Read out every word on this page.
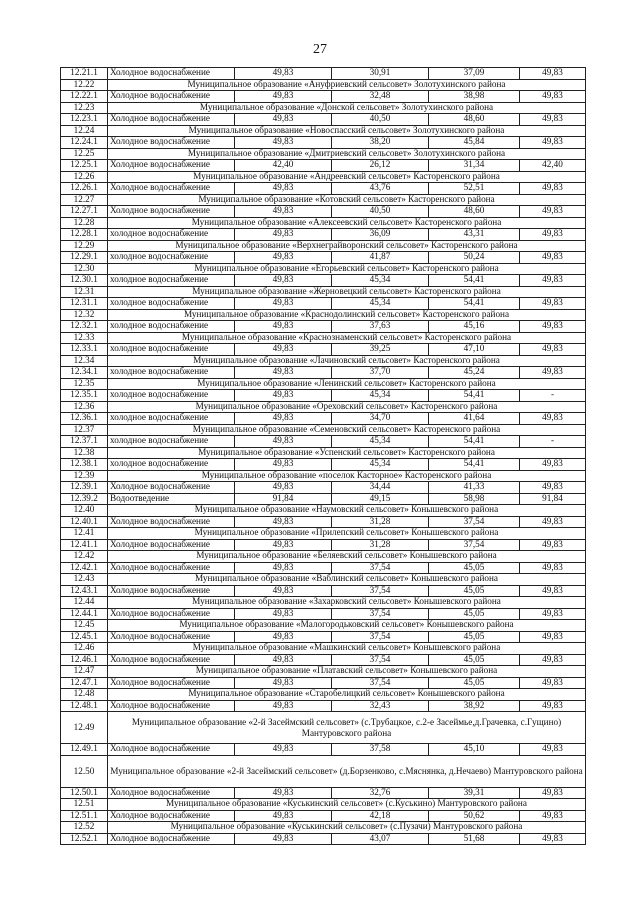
27
12.21.1	Холодное водоснабжение	49,83	30,91	37,09	49,83
12.22	Муниципальное образование «Ануфриевский сельсовет» Золотухинского района				
12.22.1	Холодное водоснабжение	49,83	32,48	38,98	49,83
12.23	Муниципальное образование «Донской сельсовет» Золотухинского района				
12.23.1	Холодное водоснабжение	49,83	40,50	48,60	49,83
12.24	Муниципальное образование «Новоспасский сельсовет» Золотухинского района				
12.24.1	Холодное водоснабжение	49,83	38,20	45,84	49,83
12.25	Муниципальное образование «Дмитриевский сельсовет» Золотухинского района				
12.25.1	Холодное водоснабжение	42,40	26,12	31,34	42,40
12.26	Муниципальное образование «Андреевский сельсовет» Касторенского района				
12.26.1	Холодное водоснабжение	49,83	43,76	52,51	49,83
12.27	Муниципальное образование «Котовский сельсовет» Касторенского района				
12.27.1	Холодное водоснабжение	49,83	40,50	48,60	49,83
12.28	Муниципальное образование «Алексеевский сельсовет» Касторенского района				
12.28.1	холодное водоснабжение	49,83	36,09	43,31	49,83
12.29	Муниципальное образование «Верхнеграйворонский сельсовет» Касторенского района				
12.29.1	холодное водоснабжение	49,83	41,87	50,24	49,83
12.30	Муниципальное образование «Егорьевский сельсовет» Касторенского района				
12.30.1	холодное водоснабжение	49,83	45,34	54,41	49,83
12.31	Муниципальное образование «Жерновецкий сельсовет» Касторенского района				
12.31.1	холодное водоснабжение	49,83	45,34	54,41	49,83
12.32	Муниципальное образование «Краснодолинский сельсовет» Касторенского района				
12.32.1	холодное водоснабжение	49,83	37,63	45,16	49,83
12.33	Муниципальное образование «Краснознаменский сельсовет» Касторенского района				
12.33.1	холодное водоснабжение	49,83	39,25	47,10	49,83
12.34	Муниципальное образование «Лачиновский сельсовет» Касторенского района				
12.34.1	холодное водоснабжение	49,83	37,70	45,24	49,83
12.35	Муниципальное образование «Ленинский сельсовет» Касторенского района				
12.35.1	холодное водоснабжение	49,83	45,34	54,41	-
12.36	Муниципальное образование «Ореховский сельсовет» Касторенского района				
12.36.1	холодное водоснабжение	49,83	34,70	41,64	49,83
12.37	Муниципальное образование «Семеновский сельсовет» Касторенского района				
12.37.1	холодное водоснабжение	49,83	45,34	54,41	-
12.38	Муниципальное образование «Успенский сельсовет» Касторенского района				
12.38.1	холодное водоснабжение	49,83	45,34	54,41	49,83
12.39	Муниципальное образование «поселок Касторное» Касторенского района				
12.39.1	Холодное водоснабжение	49,83	34,44	41,33	49,83
12.39.2	Водоотведение	91,84	49,15	58,98	91,84
12.40	Муниципальное образование «Наумовский сельсовет» Конышевского района				
12.40.1	Холодное водоснабжение	49,83	31,28	37,54	49,83
12.41	Муниципальное образование «Прилепский сельсовет» Конышевского района				
12.41.1	Холодное водоснабжение	49,83	31,28	37,54	49,83
12.42	Муниципальное образование «Беляевский сельсовет» Конышевского района				
12.42.1	Холодное водоснабжение	49,83	37,54	45,05	49,83
12.43	Муниципальное образование «Ваблинский сельсовет» Конышевского района				
12.43.1	Холодное водоснабжение	49,83	37,54	45,05	49,83
12.44	Муниципальное образование «Захарковский сельсовет» Конышевского района				
12.44.1	Холодное водоснабжение	49,83	37,54	45,05	49,83
12.45	Муниципальное образование «Малогородьковский сельсовет» Конышевского района				
12.45.1	Холодное водоснабжение	49,83	37,54	45,05	49,83
12.46	Муниципальное образование «Машкинский сельсовет» Конышевского района				
12.46.1	Холодное водоснабжение	49,83	37,54	45,05	49,83
12.47	Муниципальное образование «Платавский сельсовет» Конышевского района				
12.47.1	Холодное водоснабжение	49,83	37,54	45,05	49,83
12.48	Муниципальное образование «Старобелицкий сельсовет» Конышевского района				
12.48.1	Холодное водоснабжение	49,83	32,43	38,92	49,83
12.49	Муниципальное образование «2-й Засеймский сельсовет» (с.Трубацкое, с.2-е Засеймье,д.Грачевка, с.Гущино) Мантуровского района				
12.49.1	Холодное водоснабжение	49,83	37,58	45,10	49,83
12.50	Муниципальное образование «2-й Засеймский сельсовет» (д.Борзенково, с.Мяснянка, д.Нечаево) Мантуровского района				
12.50.1	Холодное водоснабжение	49,83	32,76	39,31	49,83
12.51	Муниципальное образование «Куськинский сельсовет» (с.Куськино) Мантуровского района				
12.51.1	Холодное водоснабжение	49,83	42,18	50,62	49,83
12.52	Муниципальное образование «Куськинский сельсовет» (с.Пузачи) Мантуровского района				
12.52.1	Холодное водоснабжение	49,83	43,07	51,68	49,83
